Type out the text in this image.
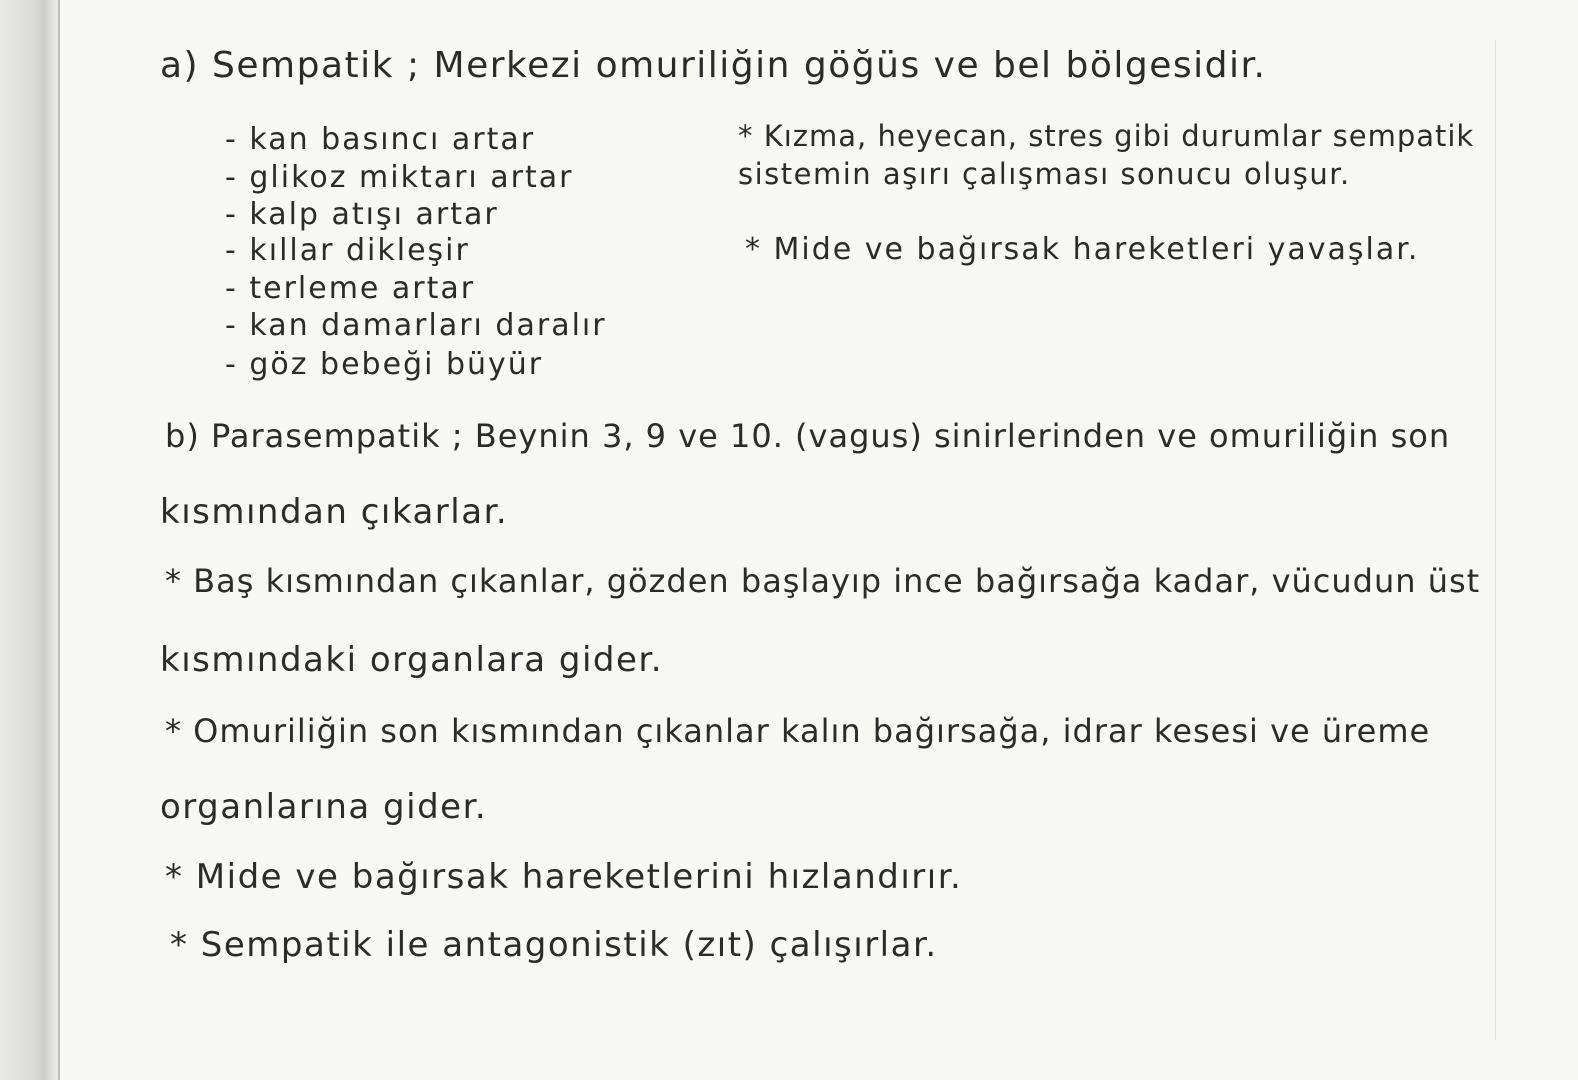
a) Sempatik ; Merkezi omuriliğin göğüs ve bel bölgesidir.
- kan basıncı artar
- glikoz miktarı artar
- kalp atışı artar
- kıllar dikleşir
- terleme artar
- kan damarları daralır
- göz bebeği büyür
* Kızma, heyecan, stres gibi durumlar sempatik
sistemin aşırı çalışması sonucu oluşur.
* Mide ve bağırsak hareketleri yavaşlar.
b) Parasempatik ; Beynin 3, 9 ve 10. (vagus) sinirlerinden ve omuriliğin son
kısmından çıkarlar.
* Baş kısmından çıkanlar, gözden başlayıp ince bağırsağa kadar, vücudun üst
kısmındaki organlara gider.
* Omuriliğin son kısmından çıkanlar kalın bağırsağa, idrar kesesi ve üreme
organlarına gider.
* Mide ve bağırsak hareketlerini hızlandırır.
* Sempatik ile antagonistik (zıt) çalışırlar.
